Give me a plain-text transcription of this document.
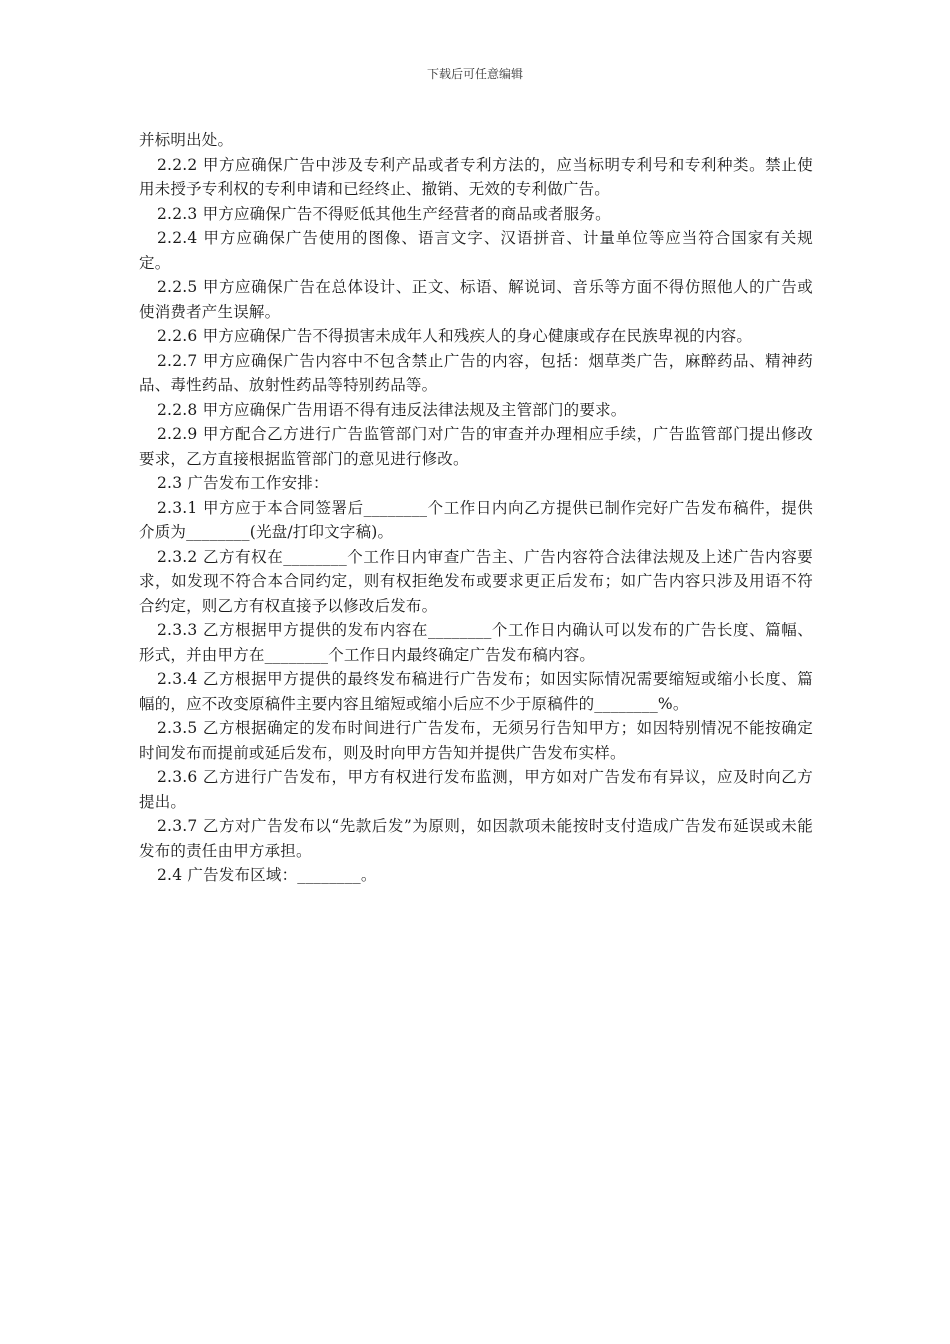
下载后可任意编辑

并标明出处。

2.2.2 甲方应确保广告中涉及专利产品或者专利方法的，应当标明专利号和专利种类。禁止使用未授予专利权的专利申请和已经终止、撤销、无效的专利做广告。

2.2.3 甲方应确保广告不得贬低其他生产经营者的商品或者服务。

2.2.4 甲方应确保广告使用的图像、语言文字、汉语拼音、计量单位等应当符合国家有关规定。

2.2.5 甲方应确保广告在总体设计、正文、标语、解说词、音乐等方面不得仿照他人的广告或使消费者产生误解。

2.2.6 甲方应确保广告不得损害未成年人和残疾人的身心健康或存在民族卑视的内容。

2.2.7 甲方应确保广告内容中不包含禁止广告的内容，包括：烟草类广告，麻醉药品、精神药品、毒性药品、放射性药品等特别药品等。

2.2.8 甲方应确保广告用语不得有违反法律法规及主管部门的要求。

2.2.9 甲方配合乙方进行广告监管部门对广告的审查并办理相应手续，广告监管部门提出修改要求，乙方直接根据监管部门的意见进行修改。

2.3 广告发布工作安排：

2.3.1 甲方应于本合同签署后________个工作日内向乙方提供已制作完好广告发布稿件，提供介质为________(光盘/打印文字稿)。

2.3.2 乙方有权在________个工作日内审查广告主、广告内容符合法律法规及上述广告内容要求，如发现不符合本合同约定，则有权拒绝发布或要求更正后发布；如广告内容只涉及用语不符合约定，则乙方有权直接予以修改后发布。

2.3.3 乙方根据甲方提供的发布内容在________个工作日内确认可以发布的广告长度、篇幅、形式，并由甲方在________个工作日内最终确定广告发布稿内容。

2.3.4 乙方根据甲方提供的最终发布稿进行广告发布；如因实际情况需要缩短或缩小长度、篇幅的，应不改变原稿件主要内容且缩短或缩小后应不少于原稿件的________%。

2.3.5 乙方根据确定的发布时间进行广告发布，无须另行告知甲方；如因特别情况不能按确定时间发布而提前或延后发布，则及时向甲方告知并提供广告发布实样。

2.3.6 乙方进行广告发布，甲方有权进行发布监测，甲方如对广告发布有异议，应及时向乙方提出。

2.3.7 乙方对广告发布以“先款后发”为原则，如因款项未能按时支付造成广告发布延误或未能发布的责任由甲方承担。

2.4 广告发布区域：________。
